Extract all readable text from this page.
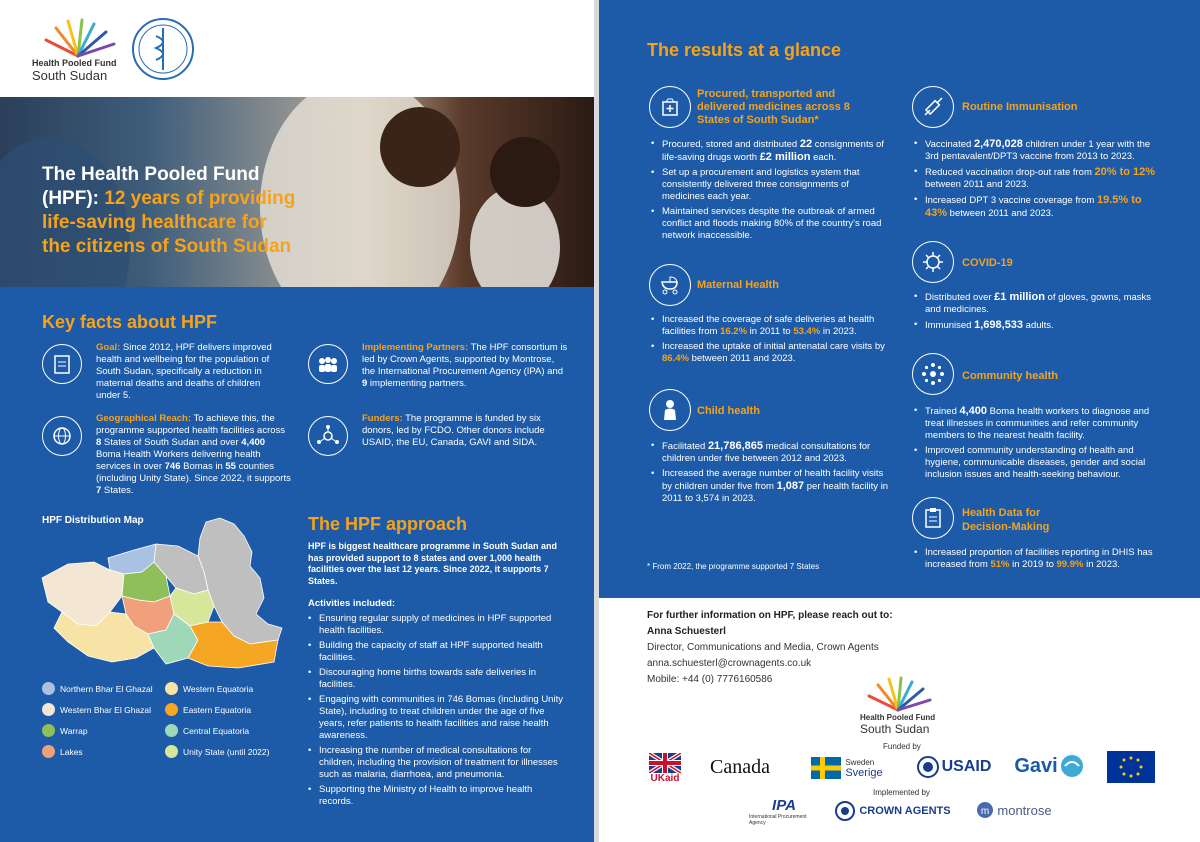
Health Pooled Fund
South Sudan
The Health Pooled Fund
(HPF): 12 years of providing
life-saving healthcare for
the citizens of South Sudan
Key facts about HPF
Goal: Since 2012, HPF delivers improved health and wellbeing for the population of South Sudan, specifically a reduction in maternal deaths and deaths of children under 5.
Geographical Reach: To achieve this, the programme supported health facilities across 8 States of South Sudan and over 4,400 Boma Health Workers delivering health services in over 746 Bomas in 55 counties (including Unity State). Since 2022, it supports 7 States.
Implementing Partners: The HPF consortium is led by Crown Agents, supported by Montrose, the International Procurement Agency (IPA) and 9 implementing partners.
Funders: The programme is funded by six donors, led by FCDO. Other donors include USAID, the EU, Canada, GAVI and SIDA.
HPF Distribution Map
Northern Bhar El Ghazal
Western Bhar El Ghazal
Warrap
Lakes
Western Equatoria
Eastern Equatoria
Central Equatoria
Unity State (until 2022)
The HPF approach
HPF is biggest healthcare programme in South Sudan and has provided support to 8 states and over 1,000 health facilities over the last 12 years. Since 2022, it supports 7 States.
Activities included:
• Ensuring regular supply of medicines in HPF supported health facilities.
• Building the capacity of staff at HPF supported health facilities.
• Discouraging home births towards safe deliveries in facilities.
• Engaging with communities in 746 Bomas (including Unity State), including to treat children under the age of five years, refer patients to health facilities and raise health awareness.
• Increasing the number of medical consultations for children, including the provision of treatment for illnesses such as malaria, diarrhoea, and pneumonia.
• Supporting the Ministry of Health to improve health records.
The results at a glance
Procured, transported and delivered medicines across 8 States of South Sudan*
• Procured, stored and distributed 22 consignments of life-saving drugs worth £2 million each.
• Set up a procurement and logistics system that consistently delivered three consignments of medicines each year.
• Maintained services despite the outbreak of armed conflict and floods making 80% of the country's road network inaccessible.
Maternal Health
• Increased the coverage of safe deliveries at health facilities from 16.2% in 2011 to 53.4% in 2023.
• Increased the uptake of initial antenatal care visits by 86.4% between 2011 and 2023.
Child health
• Facilitated 21,786,865 medical consultations for children under five between 2012 and 2023.
• Increased the average number of health facility visits by children under five from 1,087 per health facility in 2011 to 3,574 in 2023.
* From 2022, the programme supported 7 States
Routine Immunisation
• Vaccinated 2,470,028 children under 1 year with the 3rd pentavalent/DPT3 vaccine from 2013 to 2023.
• Reduced vaccination drop-out rate from 20% to 12% between 2011 and 2023.
• Increased DPT 3 vaccine coverage from 19.5% to 43% between 2011 and 2023.
COVID-19
• Distributed over £1 million of gloves, gowns, masks and medicines.
• Immunised 1,698,533 adults.
Community health
• Trained 4,400 Boma health workers to diagnose and treat illnesses in communities and refer community members to the nearest health facility.
• Improved community understanding of health and hygiene, communicable diseases, gender and social inclusion issues and health-seeking behaviour.
Health Data for Decision-Making
• Increased proportion of facilities reporting in DHIS has increased from 51% in 2019 to 99.9% in 2023.
For further information on HPF, please reach out to:
Anna Schuesterl
Director, Communications and Media, Crown Agents
anna.schuesterl@crownagents.co.uk
Mobile: +44 (0) 7776160586
Health Pooled Fund
South Sudan
Funded by
UKaid
Canada	Sweden
Sverige	USAID Gavi
Implemented by
IPA
International Procurement Agency
CROWN AGENTS	m montrose
